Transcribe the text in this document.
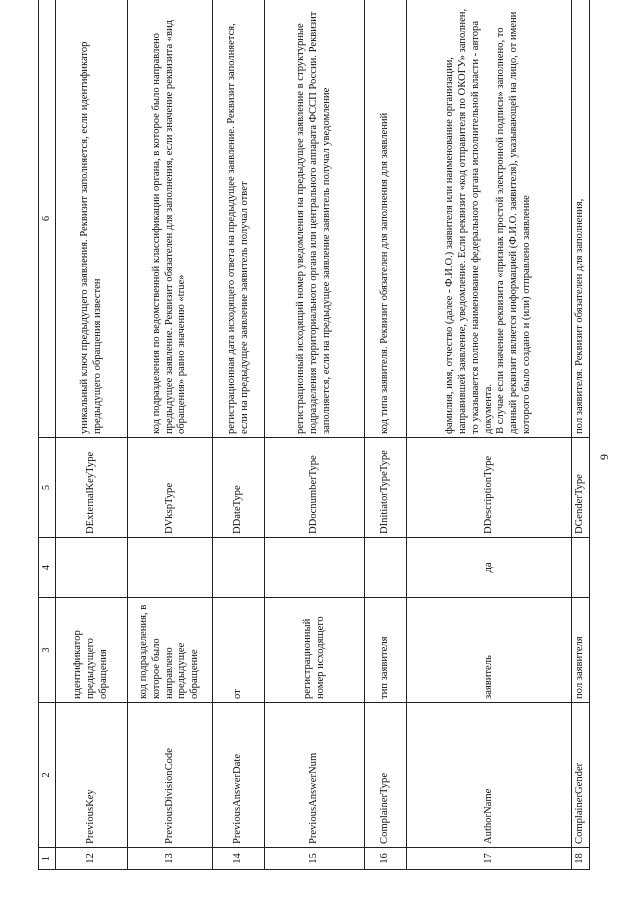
9
1	2	3	4	5	6
12	PreviousKey	идентификатор предыдущего обращения		DExternalKeyType	уникальный ключ предыдущего заявления. Реквизит заполняется, если идентификатор предыдущего обращения известен
13	PreviousDivisionCode	код подразделения, в которое было направлено предыдущее обращение		DVkspType	код подразделения по ведомственной классификации органа, в которое было направлено предыдущее заявление. Реквизит обязателен для заполнения, если значение реквизита «вид обращения» равно значению «true»
14	PreviousAnswerDate	от		DDateType	регистрационная дата исходящего ответа на предыдущее заявление. Реквизит заполняется, если на предыдущее заявление заявитель получал ответ
15	PreviousAnswerNum	регистрационный номер исходящего		DDocnumberType	регистрационный исходящий номер уведомления на предыдущее заявление в структурные подразделения территориального органа или центрального аппарата ФССП России. Реквизит заполняется, если на предыдущее заявление заявитель получал уведомление
16	ComplainerType	тип заявителя		DInitiatorTypeType	код типа заявителя. Реквизит обязателен для заполнения для заявлений
17	AuthorName	заявитель	да	DDescriptionType	фамилия, имя, отчество (далее - Ф.И.О.) заявителя или наименование организации, направившей заявление, уведомление. Если реквизит «код отправителя по ОКОГУ» заполнен, то указывается полное наименование федерального органа исполнительной власти - автора документа.
В случае если значение реквизита «признак простой электронной подписи» заполнено, то данный реквизит является информацией (Ф.И.О. заявителя), указывающей на лицо, от имени которого было создано и (или) отправлено заявление
18	ComplainerGender	пол заявителя		DGenderType	пол заявителя. Реквизит обязателен для заполнения,
